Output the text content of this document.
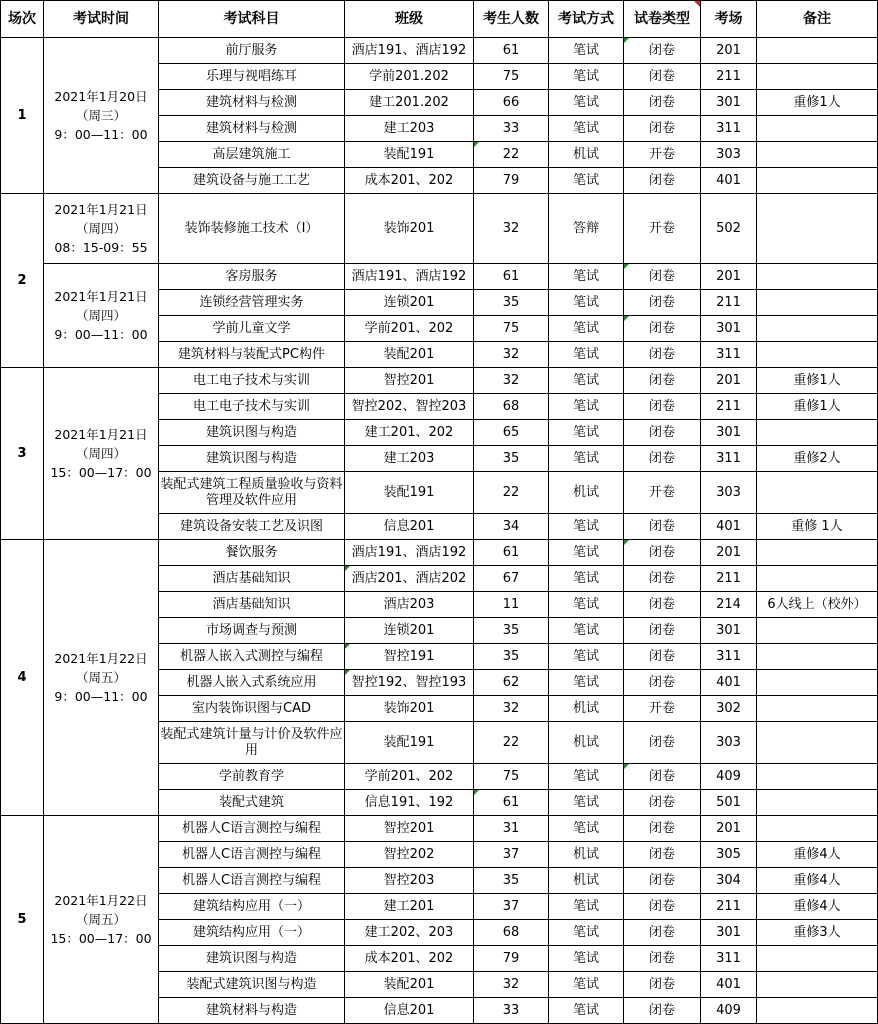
场次	考试时间	考试科目	班级	考生人数	考试方式	试卷类型	考场	备注
1	2021年1月20日
（周三）
9：00—11：00	前厅服务	酒店191、酒店192	61	笔试	闭卷	201	
		乐理与视唱练耳	学前201.202	75	笔试	闭卷	211	
		建筑材料与检测	建工201.202	66	笔试	闭卷	301	重修1人
		建筑材料与检测	建工203	33	笔试	闭卷	311	
		高层建筑施工	装配191	22	机试	开卷	303	
		建筑设备与施工工艺	成本201、202	79	笔试	闭卷	401	
2	2021年1月21日
（周四）
08：15-09：55	装饰装修施工技术（Ⅰ）	装饰201	32	答辩	开卷	502	

	2021年1月21日
（周四）
9：00—11：00	客房服务	酒店191、酒店192	61	笔试	闭卷	201	
		连锁经营管理实务	连锁201	35	笔试	闭卷	211	
		学前儿童文学	学前201、202	75	笔试	闭卷	301	
		建筑材料与装配式PC构件	装配201	32	笔试	闭卷	311	
3	2021年1月21日
（周四）
15：00—17：00	电工电子技术与实训	智控201	32	笔试	闭卷	201	重修1人
		电工电子技术与实训	智控202、智控203	68	笔试	闭卷	211	重修1人
		建筑识图与构造	建工201、202	65	笔试	闭卷	301	
		建筑识图与构造	建工203	35	笔试	闭卷	311	重修2人
		装配式建筑工程质量验收与资料管理及软件应用	装配191	22	机试	开卷	303	
		建筑设备安装工艺及识图	信息201	34	笔试	闭卷	401	重修 1人
4	2021年1月22日
（周五）
9：00—11：00	餐饮服务	酒店191、酒店192	61	笔试	闭卷	201	
		酒店基础知识	酒店201、酒店202	67	笔试	闭卷	211	
		酒店基础知识	酒店203	11	笔试	闭卷	214	6人线上（校外）
		市场调查与预测	连锁201	35	笔试	闭卷	301	
		机器人嵌入式测控与编程	智控191	35	笔试	闭卷	311	
		机器人嵌入式系统应用	智控192、智控193	62	笔试	闭卷	401	
		室内装饰识图与CAD	装饰201	32	机试	开卷	302	
		装配式建筑计量与计价及软件应用	装配191	22	机试	闭卷	303	
		学前教育学	学前201、202	75	笔试	闭卷	409	
		装配式建筑	信息191、192	61	笔试	闭卷	501	
5	2021年1月22日
（周五）
15：00—17：00	机器人C语言测控与编程	智控201	31	笔试	闭卷	201	
		机器人C语言测控与编程	智控202	37	机试	闭卷	305	重修4人
		机器人C语言测控与编程	智控203	35	机试	闭卷	304	重修4人
		建筑结构应用（一）	建工201	37	笔试	闭卷	211	重修4人
		建筑结构应用（一）	建工202、203	68	笔试	闭卷	301	重修3人
		建筑识图与构造	成本201、202	79	笔试	闭卷	311	
		装配式建筑识图与构造	装配201	32	笔试	闭卷	401	
		建筑材料与构造	信息201	33	笔试	闭卷	409	
